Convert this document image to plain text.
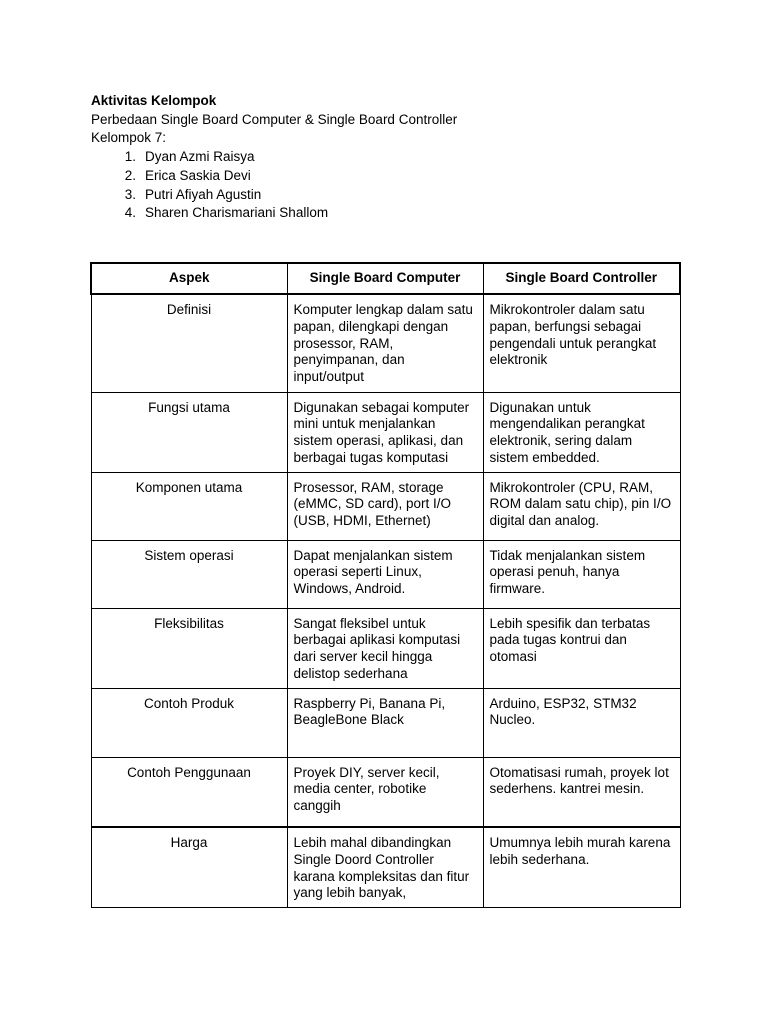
Aktivitas Kelompok
Perbedaan Single Board Computer & Single Board Controller
Kelompok 7:
1. Dyan Azmi Raisya
2. Erica Saskia Devi
3. Putri Afiyah Agustin
4. Sharen Charismariani Shallom
Aspek	Single Board Computer	Single Board Controller
Definisi	Komputer lengkap dalam satu papan, dilengkapi dengan prosessor, RAM, penyimpanan, dan input/output	Mikrokontroler dalam satu papan, berfungsi sebagai pengendali untuk perangkat elektronik
Fungsi utama	Digunakan sebagai komputer mini untuk menjalankan sistem operasi, aplikasi, dan berbagai tugas komputasi	Digunakan untuk mengendalikan perangkat elektronik, sering dalam sistem embedded.
Komponen utama	Prosessor, RAM, storage (eMMC, SD card), port I/O (USB, HDMI, Ethernet)	Mikrokontroler (CPU, RAM, ROM dalam satu chip), pin I/O digital dan analog.
Sistem operasi	Dapat menjalankan sistem operasi seperti Linux, Windows, Android.	Tidak menjalankan sistem operasi penuh, hanya firmware.
Fleksibilitas	Sangat fleksibel untuk berbagai aplikasi komputasi dari server kecil hingga delistop sederhana	Lebih spesifik dan terbatas pada tugas kontrui dan otomasi
Contoh Produk	Raspberry Pi, Banana Pi, BeagleBone Black	Arduino, ESP32, STM32 Nucleo.
Contoh Penggunaan	Proyek DIY, server kecil, media center, robotike canggih	Otomatisasi rumah, proyek lot sederhens. kantrei mesin.
Harga	Lebih mahal dibandingkan Single Doord Controller karana kompleksitas dan fitur yang lebih banyak,	Umumnya lebih murah karena lebih sederhana.
